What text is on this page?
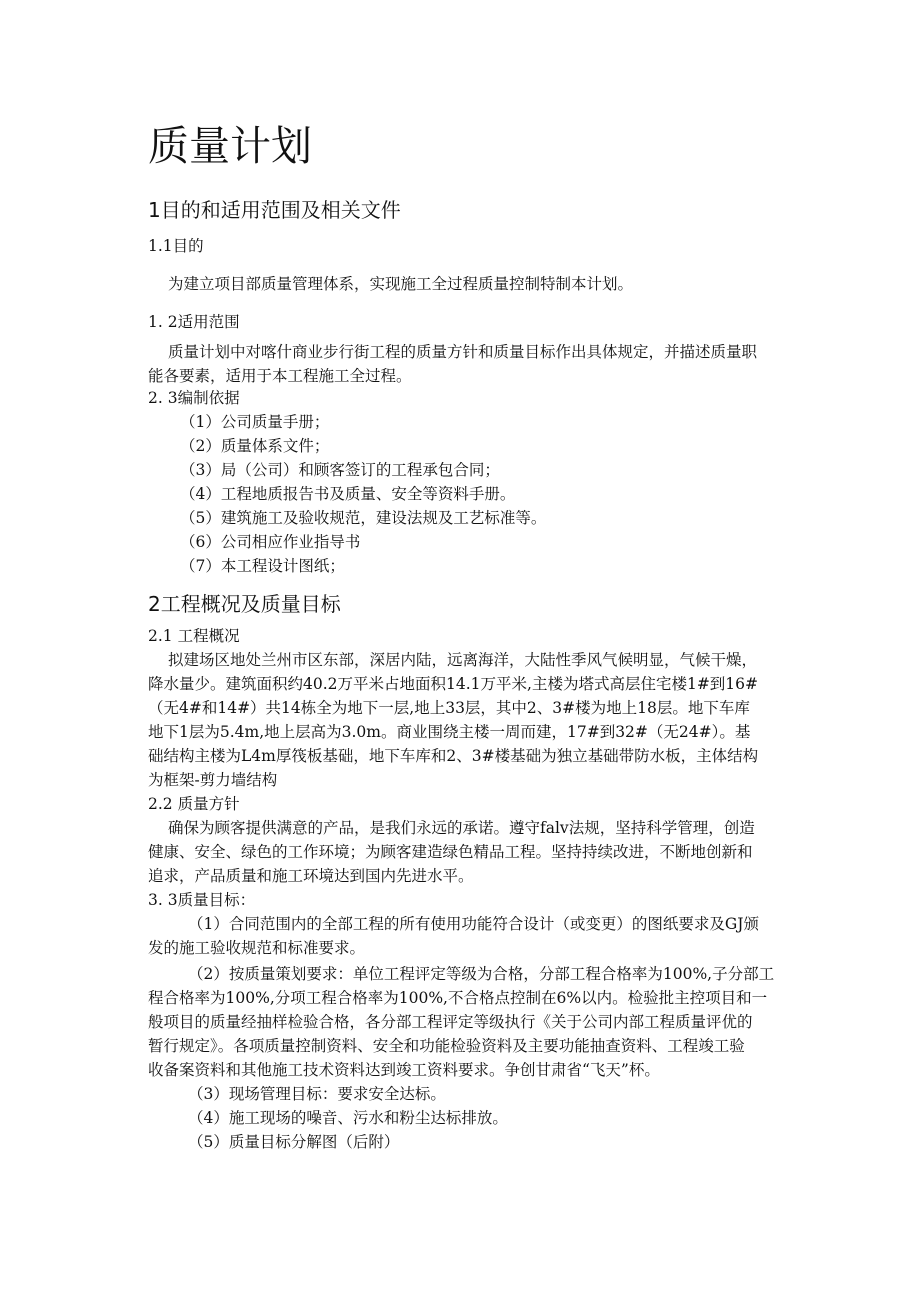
质量计划
1目的和适用范围及相关文件

1.1目的

为建立项目部质量管理体系，实现施工全过程质量控制特制本计划。

1. 2适用范围

质量计划中对喀什商业步行街工程的质量方针和质量目标作出具体规定，并描述质量职

能各要素，适用于本工程施工全过程。

2. 3编制依据

（1）公司质量手册；

（2）质量体系文件；

（3）局（公司）和顾客签订的工程承包合同；

（4）工程地质报告书及质量、安全等资料手册。

（5）建筑施工及验收规范，建设法规及工艺标准等。

（6）公司相应作业指导书

（7）本工程设计图纸；

2工程概况及质量目标

2.1 工程概况

拟建场区地处兰州市区东部，深居内陆，远离海洋，大陆性季风气候明显，气候干燥，

降水量少。建筑面积约40.2万平米占地面积14.1万平米,主楼为塔式高层住宅楼1#到16#

（无4#和14#）共14栋全为地下一层,地上33层，其中2、3#楼为地上18层。地下车库

地下1层为5.4m,地上层高为3.0m。商业围绕主楼一周而建，17#到32#（无24#）。基

础结构主楼为L4m厚筏板基础，地下车库和2、3#楼基础为独立基础带防水板，主体结构

为框架-剪力墙结构

2.2 质量方针

确保为顾客提供满意的产品，是我们永远的承诺。遵守falv法规，坚持科学管理，创造

健康、安全、绿色的工作环境；为顾客建造绿色精品工程。坚持持续改进，不断地创新和

追求，产品质量和施工环境达到国内先进水平。

3. 3质量目标：

（1）合同范围内的全部工程的所有使用功能符合设计（或变更）的图纸要求及GJ颁

发的施工验收规范和标准要求。

（2）按质量策划要求：单位工程评定等级为合格，分部工程合格率为100%,子分部工

程合格率为100%,分项工程合格率为100%,不合格点控制在6%以内。检验批主控项目和一

般项目的质量经抽样检验合格，各分部工程评定等级执行《关于公司内部工程质量评优的

暂行规定》。各项质量控制资料、安全和功能检验资料及主要功能抽查资料、工程竣工验

收备案资料和其他施工技术资料达到竣工资料要求。争创甘肃省“飞天”杯。

（3）现场管理目标：要求安全达标。

（4）施工现场的噪音、污水和粉尘达标排放。

（5）质量目标分解图（后附）
